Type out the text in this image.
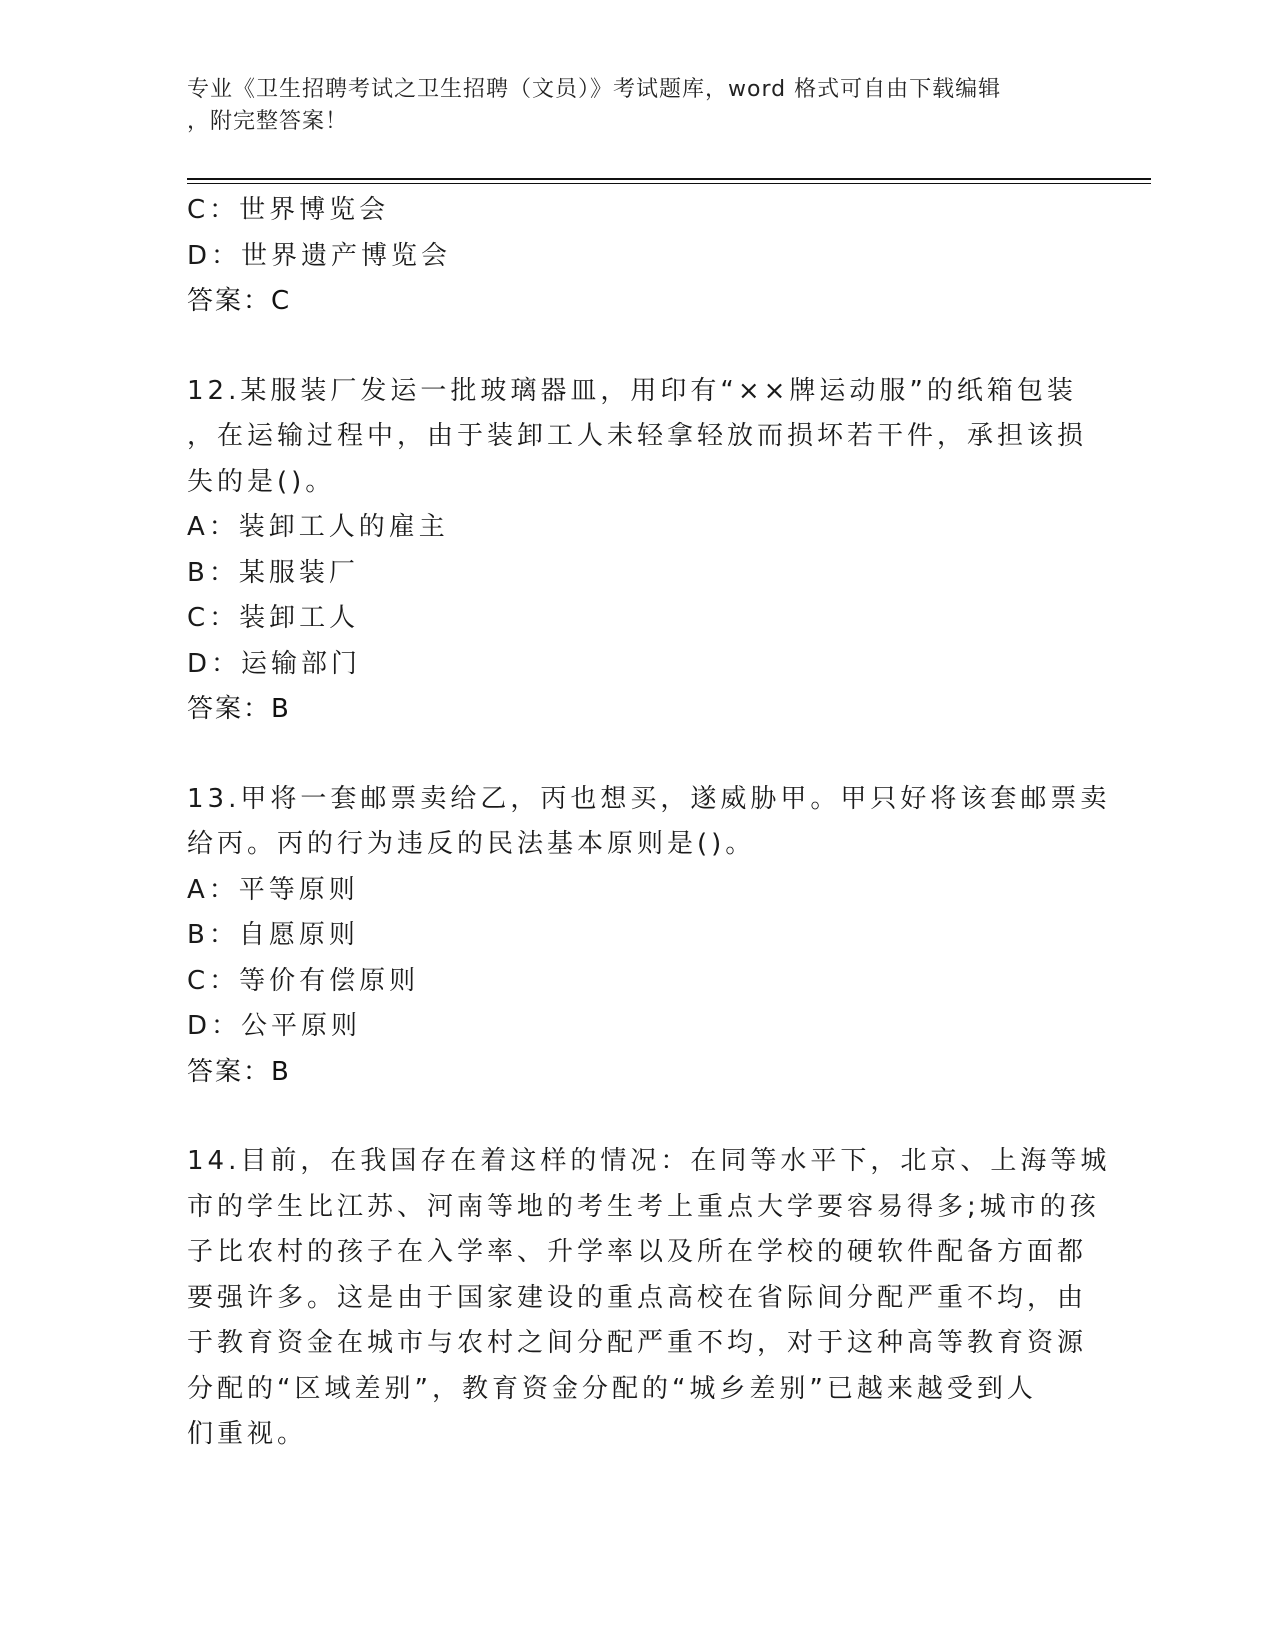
专业《卫生招聘考试之卫生招聘（文员）》考试题库，word 格式可自由下载编辑
，附完整答案！
C：世界博览会
D：世界遗产博览会
答案：C
12.某服装厂发运一批玻璃器皿，用印有“××牌运动服”的纸箱包装
，在运输过程中，由于装卸工人未轻拿轻放而损坏若干件，承担该损
失的是()。
A：装卸工人的雇主
B：某服装厂
C：装卸工人
D：运输部门
答案：B
13.甲将一套邮票卖给乙，丙也想买，遂威胁甲。甲只好将该套邮票卖
给丙。丙的行为违反的民法基本原则是()。
A：平等原则
B：自愿原则
C：等价有偿原则
D：公平原则
答案：B
14.目前，在我国存在着这样的情况：在同等水平下，北京、上海等城
市的学生比江苏、河南等地的考生考上重点大学要容易得多;城市的孩
子比农村的孩子在入学率、升学率以及所在学校的硬软件配备方面都
要强许多。这是由于国家建设的重点高校在省际间分配严重不均，由
于教育资金在城市与农村之间分配严重不均，对于这种高等教育资源
分配的“区域差别”，教育资金分配的“城乡差别”已越来越受到人
们重视。
